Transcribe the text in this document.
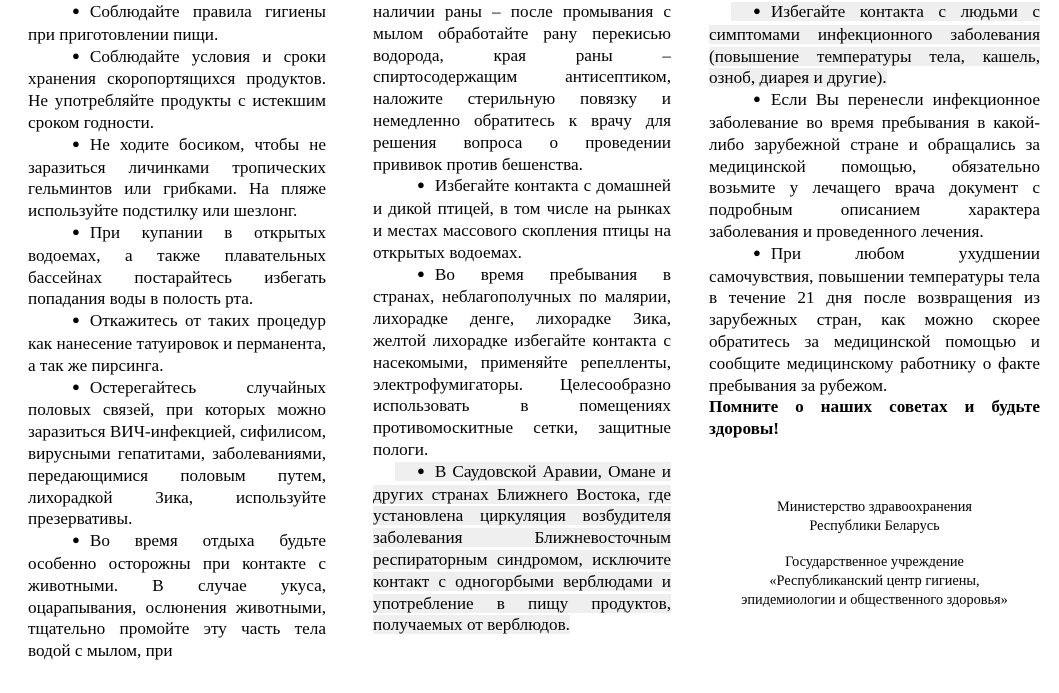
● Соблюдайте правила гигиены при приготовлении пищи.

● Соблюдайте условия и сроки хранения скоропортящихся продуктов. Не употребляйте продукты с истекшим сроком годности.

● Не ходите босиком, чтобы не заразиться личинками тропических гельминтов или грибками. На пляже используйте подстилку или шезлонг.

● При купании в открытых водоемах, а также плавательных бассейнах постарайтесь избегать попадания воды в полость рта.

● Откажитесь от таких процедур как нанесение татуировок и перманента, а так же пирсинга.

● Остерегайтесь случайных половых связей, при которых можно заразиться ВИЧ-инфекцией, сифилисом, вирусными гепатитами, заболеваниями, передающимися половым путем, лихорадкой Зика, используйте презервативы.

● Во время отдыха будьте особенно осторожны при контакте с животными. В случае укуса, оцарапывания, ослюнения животными, тщательно промойте эту часть тела водой с мылом, при

наличии раны – после промывания с мылом обработайте рану перекисью водорода, края раны – спиртосодержащим антисептиком, наложите стерильную повязку и немедленно обратитесь к врачу для решения вопроса о проведении прививок против бешенства.

● Избегайте контакта с домашней и дикой птицей, в том числе на рынках и местах массового скопления птицы на открытых водоемах.

● Во время пребывания в странах, неблагополучных по малярии, лихорадке денге, лихорадке Зика, желтой лихорадке избегайте контакта с насекомыми, применяйте репелленты, электрофумигаторы. Целесообразно использовать в помещениях противомоскитные сетки, защитные пологи.

● В Саудовской Аравии, Омане и других странах Ближнего Востока, где установлена циркуляция возбудителя заболевания Ближневосточным респираторным синдромом, исключите контакт с одногорбыми верблюдами и употребление в пищу продуктов, получаемых от верблюдов.

● Избегайте контакта с людьми с симптомами инфекционного заболевания (повышение температуры тела, кашель, озноб, диарея и другие).

● Если Вы перенесли инфекционное заболевание во время пребывания в какой-либо зарубежной стране и обращались за медицинской помощью, обязательно возьмите у лечащего врача документ с подробным описанием характера заболевания и проведенного лечения.

● При любом ухудшении самочувствия, повышении температуры тела в течение 21 дня после возвращения из зарубежных стран, как можно скорее обратитесь за медицинской помощью и сообщите медицинскому работнику о факте пребывания за рубежом.

Помните о наших советах и будьте здоровы!

Министерство здравоохранения

Республики Беларусь

Государственное учреждение

«Республиканский центр гигиены,

эпидемиологии и общественного здоровья»
